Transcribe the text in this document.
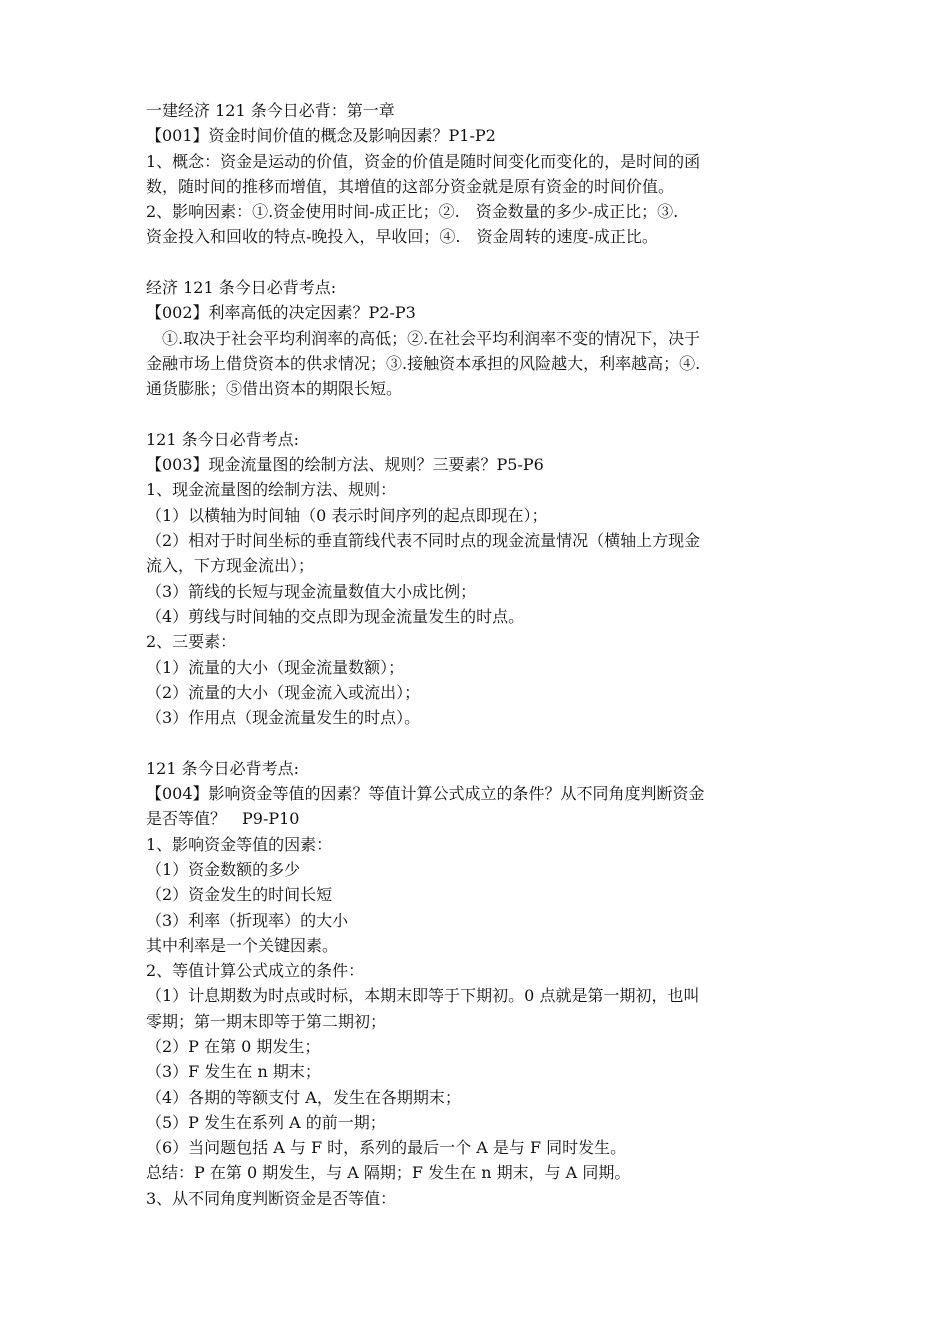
一建经济 121 条今日必背：第一章
【001】资金时间价值的概念及影响因素？P1-P2
1、概念：资金是运动的价值，资金的价值是随时间变化而变化的，是时间的函
数，随时间的推移而增值，其增值的这部分资金就是原有资金的时间价值。
2、影响因素：①.资金使用时间-成正比；②.　资金数量的多少-成正比；③.
资金投入和回收的特点-晚投入，早收回；④.　资金周转的速度-成正比。
经济 121 条今日必背考点:
【002】利率高低的决定因素？P2-P3
　①.取决于社会平均利润率的高低；②.在社会平均利润率不变的情况下，决于
金融市场上借贷资本的供求情况；③.接触资本承担的风险越大，利率越高；④.
通货膨胀；⑤借出资本的期限长短。
121 条今日必背考点:
【003】现金流量图的绘制方法、规则？三要素？P5-P6
1、现金流量图的绘制方法、规则：
（1）以横轴为时间轴（0 表示时间序列的起点即现在）；
（2）相对于时间坐标的垂直箭线代表不同时点的现金流量情况（横轴上方现金
流入，下方现金流出）；
（3）箭线的长短与现金流量数值大小成比例；
（4）剪线与时间轴的交点即为现金流量发生的时点。
2、三要素：
（1）流量的大小（现金流量数额）；
（2）流量的大小（现金流入或流出）；
（3）作用点（现金流量发生的时点）。
121 条今日必背考点:
【004】影响资金等值的因素？等值计算公式成立的条件？从不同角度判断资金
是否等值？　P9-P10
1、影响资金等值的因素：
（1）资金数额的多少
（2）资金发生的时间长短
（3）利率（折现率）的大小
其中利率是一个关键因素。
2、等值计算公式成立的条件：
（1）计息期数为时点或时标，本期末即等于下期初。0 点就是第一期初，也叫
零期；第一期末即等于第二期初；
（2）P 在第 0 期发生；
（3）F 发生在 n 期末；
（4）各期的等额支付 A，发生在各期期末；
（5）P 发生在系列 A 的前一期；
（6）当问题包括 A 与 F 时，系列的最后一个 A 是与 F 同时发生。
总结：P 在第 0 期发生，与 A 隔期；F 发生在 n 期末，与 A 同期。
3、从不同角度判断资金是否等值：
